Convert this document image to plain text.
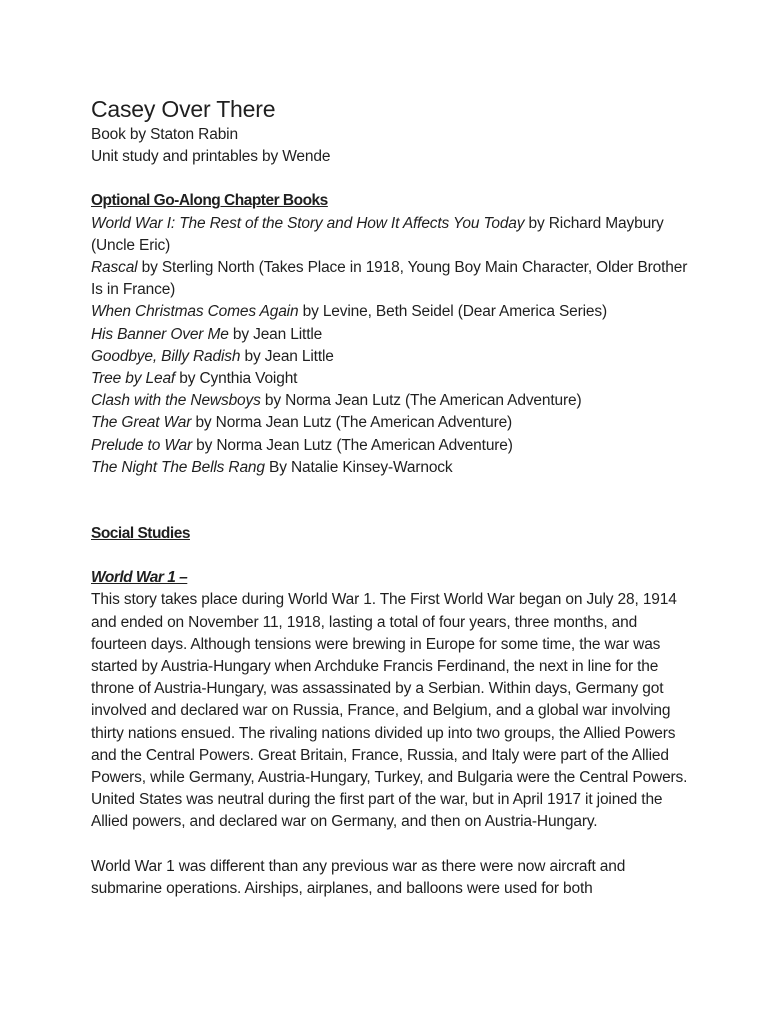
Casey Over There

Book by Staton Rabin

Unit study and printables by Wende

Optional Go-Along Chapter Books

World War I: The Rest of the Story and How It Affects You Today by Richard Maybury (Uncle Eric)

Rascal by Sterling North (Takes Place in 1918, Young Boy Main Character, Older Brother Is in France)

When Christmas Comes Again by Levine, Beth Seidel (Dear America Series)

His Banner Over Me by Jean Little

Goodbye, Billy Radish by Jean Little

Tree by Leaf by Cynthia Voight

Clash with the Newsboys by Norma Jean Lutz (The American Adventure)

The Great War by Norma Jean Lutz (The American Adventure)

Prelude to War by Norma Jean Lutz (The American Adventure)

The Night The Bells Rang By Natalie Kinsey-Warnock

Social Studies

World War 1 –

This story takes place during World War 1. The First World War began on July 28, 1914 and ended on November 11, 1918, lasting a total of four years, three months, and fourteen days. Although tensions were brewing in Europe for some time, the war was started by Austria-Hungary when Archduke Francis Ferdinand, the next in line for the throne of Austria-Hungary, was assassinated by a Serbian. Within days, Germany got involved and declared war on Russia, France, and Belgium, and a global war involving thirty nations ensued. The rivaling nations divided up into two groups, the Allied Powers and the Central Powers. Great Britain, France, Russia, and Italy were part of the Allied Powers, while Germany, Austria-Hungary, Turkey, and Bulgaria were the Central Powers. United States was neutral during the first part of the war, but in April 1917 it joined the Allied powers, and declared war on Germany, and then on Austria-Hungary.

World War 1 was different than any previous war as there were now aircraft and submarine operations. Airships, airplanes, and balloons were used for both
